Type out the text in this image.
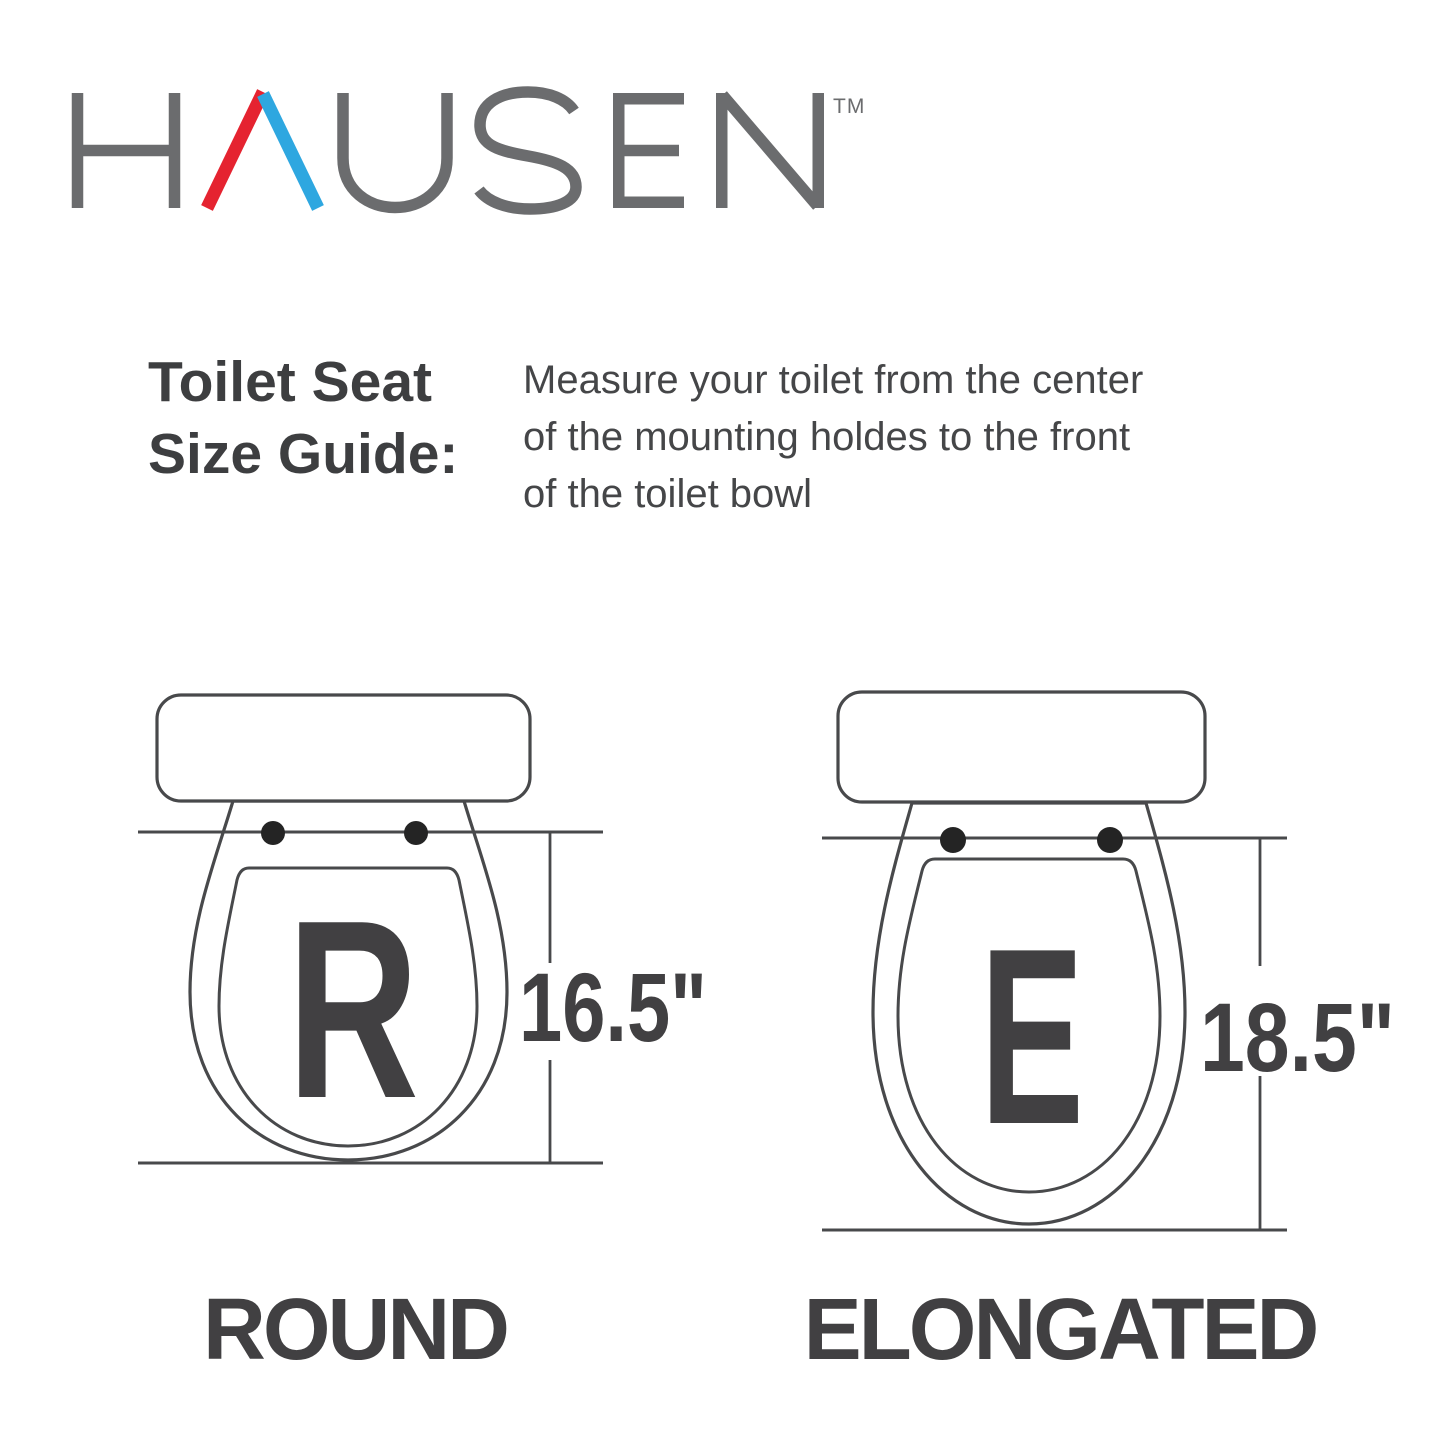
TM
Toilet Seat
Size Guide:
Measure your toilet from the center
of the mounting holdes to the front
of the toilet bowl
R 16.5" E 18.5"
ROUND	ELONGATED
